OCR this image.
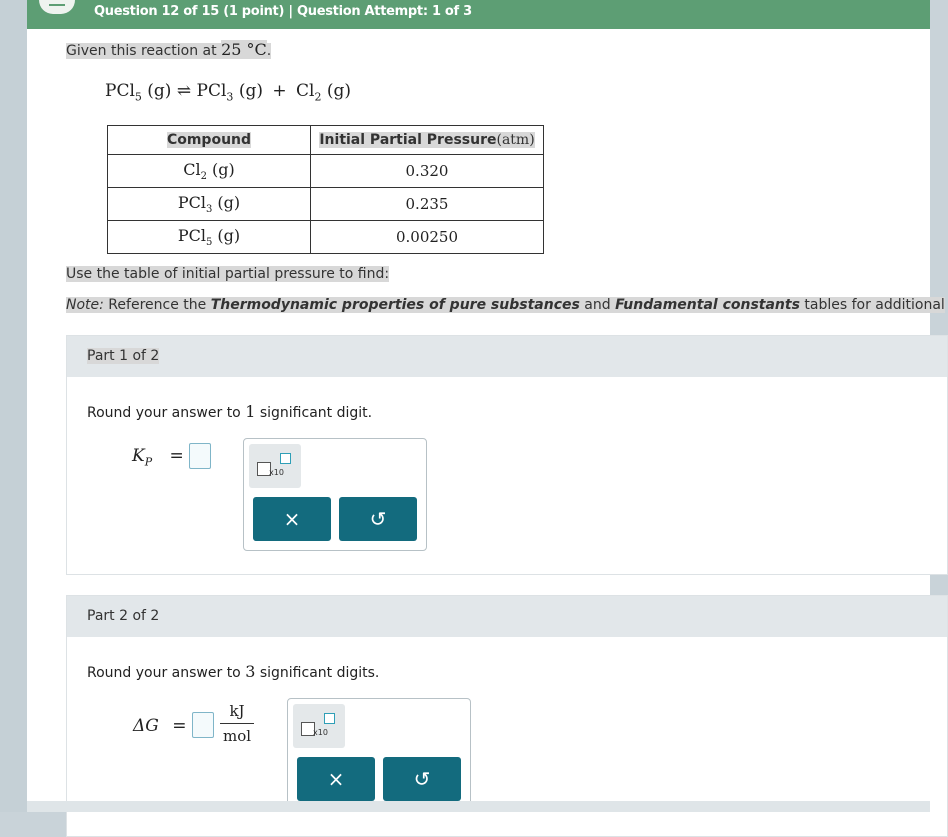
Question 12 of 15 (1 point) | Question Attempt: 1 of 3
Given this reaction at 25 °C.
PCl$_5$ (g) ⇌ PCl$_3$ $(g) + Cl_2$ (g)
Compound	Initial Partial Pressure(atm)
$Cl_2$ (g)	0.320
PCl$_3$ (g)	0.235
PCl$_5$ (g)	0.00250
Use the table of initial partial pressure to find:
Note: Reference the Thermodynamic properties of pure substances and Fundamental constants tables for additional
Part 1 of 2
Round your answer to 1 significant digit.
$K_P$ =
x10
×	↺
Part 2 of 2
Round your answer to 3 significant digits.
ΔG =
kJ
mol	x10
×	↺
